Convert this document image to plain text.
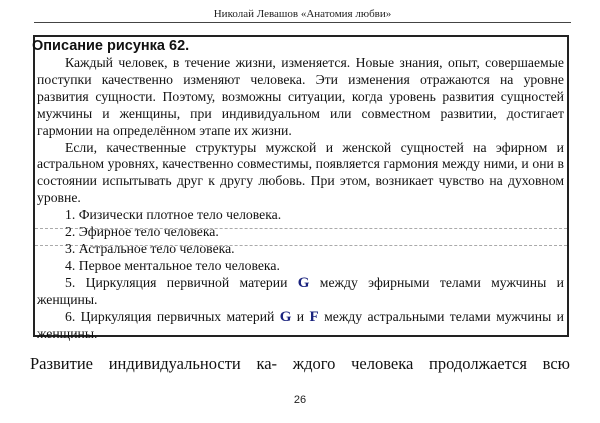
Николай Левашов «Анатомия любви»
Описание рисунка 62.

Каждый человек, в течение жизни, изменяется. Новые знания, опыт, совершаемые поступки качественно изменяют человека. Эти изменения отражаются на уровне развития сущности. Поэтому, возможны ситуации, когда уровень развития сущностей мужчины и женщины, при индивидуальном или совместном развитии, достигает гармонии на определённом этапе их жизни.

Если, качественные структуры мужской и женской сущностей на эфирном и астральном уровнях, качественно совместимы, появляется гармония между ними, и они в состоянии испытывать друг к другу любовь. При этом, возникает чувство на духовном уровне.

1. Физически плотное тело человека.
2. Эфирное тело человека.
3. Астральное тело человека.
4. Первое ментальное тело человека.
5. Циркуляция первичной материи G между эфирными телами мужчины и женщины.
6. Циркуляция первичных материй G и F между астральными телами мужчины и женщины.
Развитие индивидуальности ка- ждого человека продолжается всю
26
